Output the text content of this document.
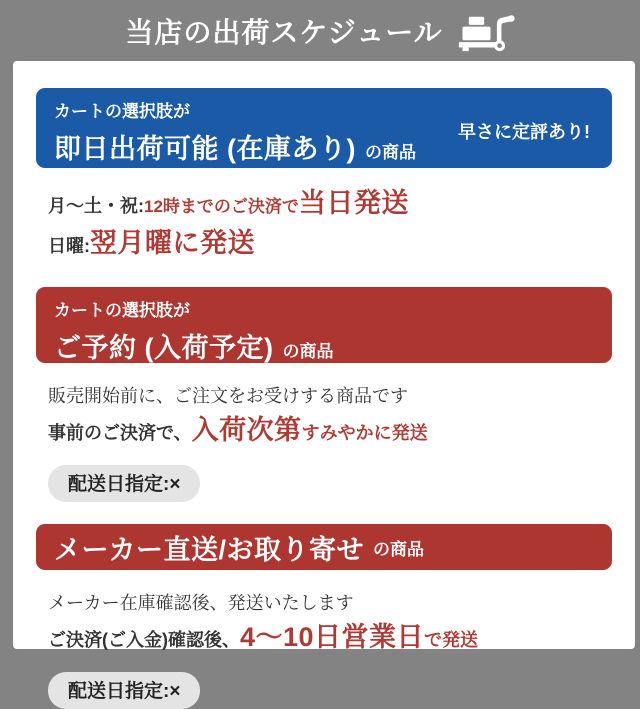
当店の出荷スケジュール
カートの選択肢が
即日出荷可能 (在庫あり) の商品
早さに定評あり!
月〜土・祝: 12時までのご決済で 当日発送
日曜: 翌月曜に発送
カートの選択肢が
ご予約 (入荷予定) の商品
販売開始前に、ご注文をお受けする商品です
事前のご決済で、 入荷次第 すみやかに発送
配送日指定:×
メーカー直送/お取り寄せ の商品
メーカー在庫確認後、発送いたします
ご決済(ご入金)確認後、 4〜10日営業日 で発送
配送日指定:×
